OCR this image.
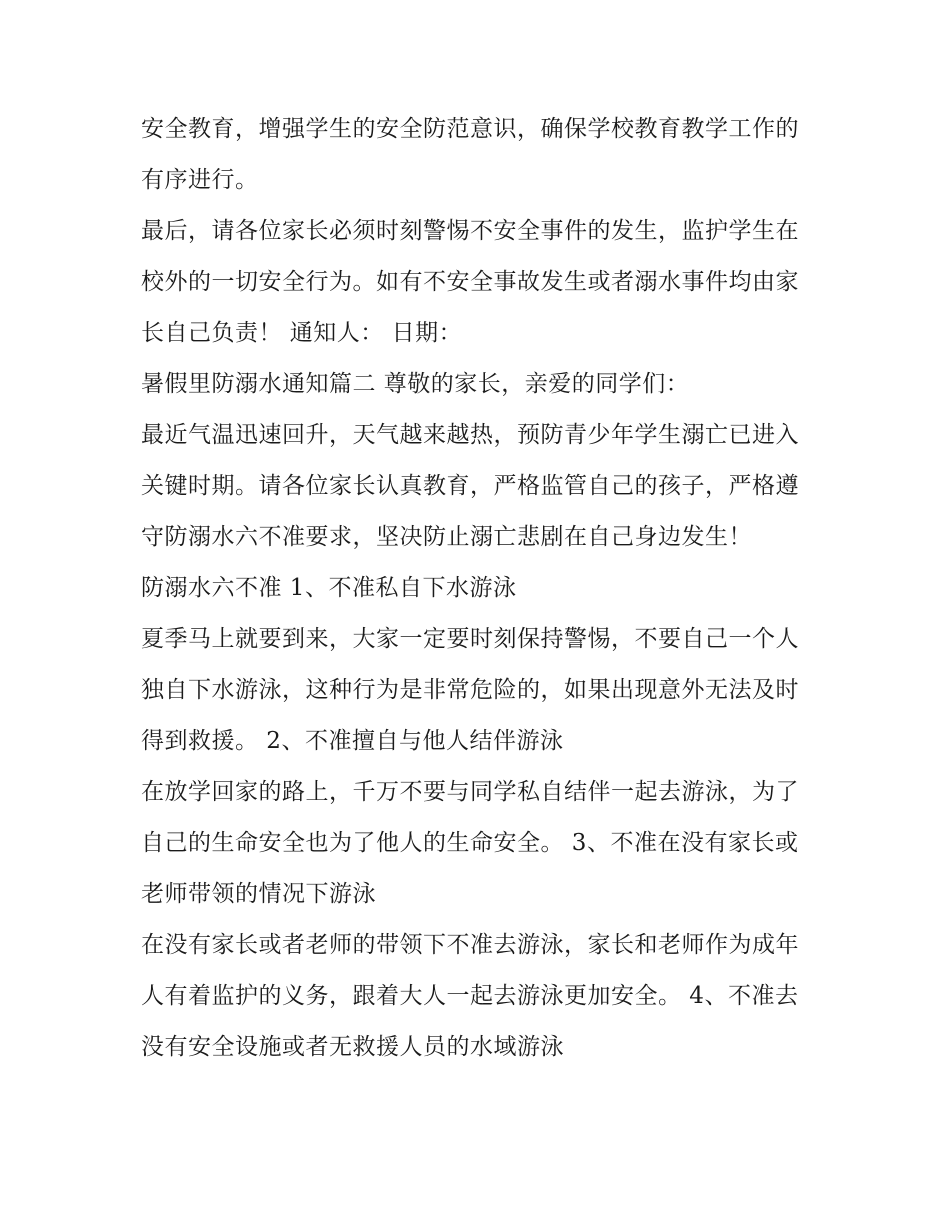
安全教育，增强学生的安全防范意识，确保学校教育教学工作的有序进行。

最后，请各位家长必须时刻警惕不安全事件的发生，监护学生在校外的一切安全行为。如有不安全事故发生或者溺水事件均由家长自己负责！ 通知人： 日期：

暑假里防溺水通知篇二 尊敬的家长，亲爱的同学们：

最近气温迅速回升，天气越来越热，预防青少年学生溺亡已进入关键时期。请各位家长认真教育，严格监管自己的孩子，严格遵守防溺水六不准要求，坚决防止溺亡悲剧在自己身边发生！

防溺水六不准 1、不准私自下水游泳

夏季马上就要到来，大家一定要时刻保持警惕，不要自己一个人独自下水游泳，这种行为是非常危险的，如果出现意外无法及时得到救援。 2、不准擅自与他人结伴游泳

在放学回家的路上，千万不要与同学私自结伴一起去游泳，为了自己的生命安全也为了他人的生命安全。 3、不准在没有家长或老师带领的情况下游泳

在没有家长或者老师的带领下不准去游泳，家长和老师作为成年人有着监护的义务，跟着大人一起去游泳更加安全。 4、不准去没有安全设施或者无救援人员的水域游泳
